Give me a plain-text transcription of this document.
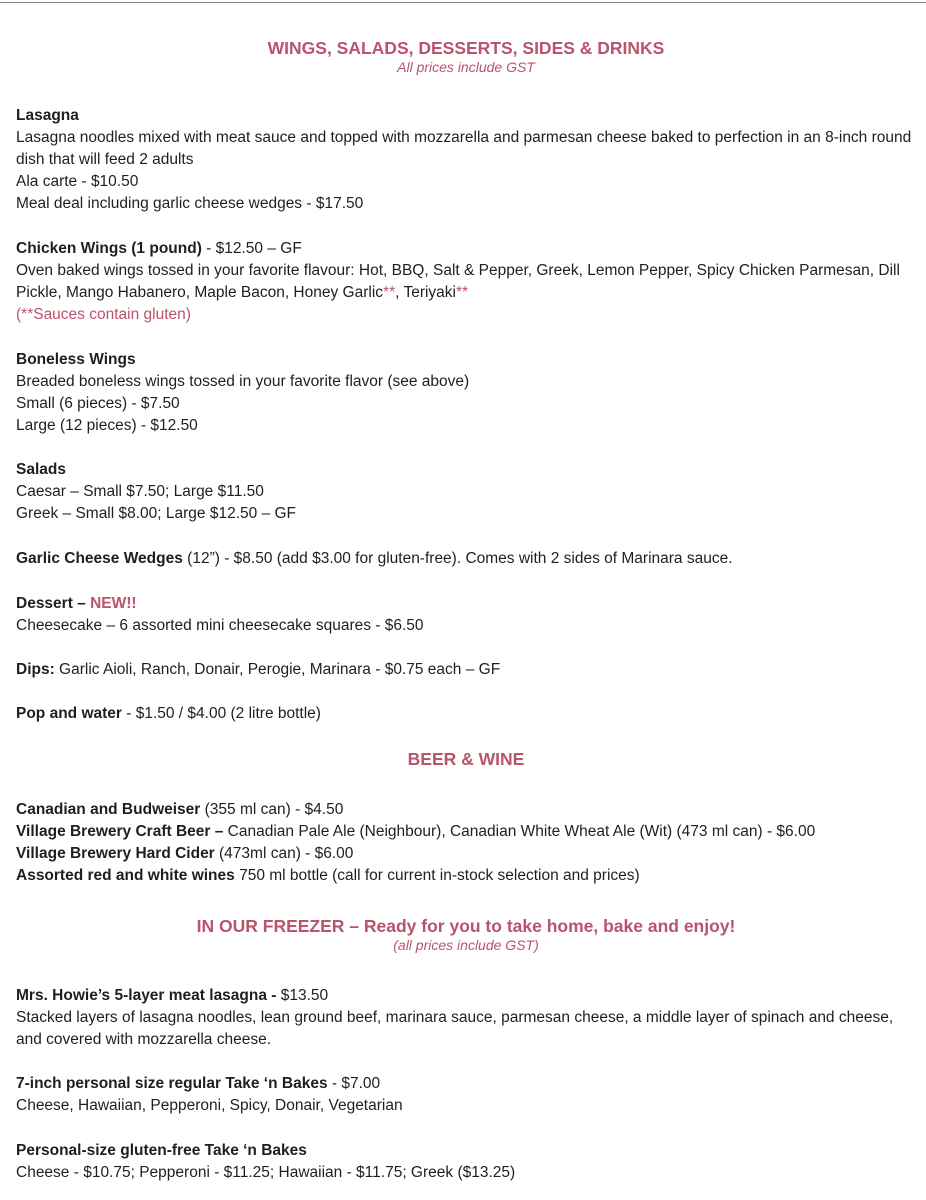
WINGS, SALADS, DESSERTS, SIDES & DRINKS

All prices include GST

Lasagna
Lasagna noodles mixed with meat sauce and topped with mozzarella and parmesan cheese baked to perfection in an 8-inch round dish that will feed 2 adults
Ala carte - $10.50
Meal deal including garlic cheese wedges - $17.50
Chicken Wings (1 pound) - $12.50 – GF
Oven baked wings tossed in your favorite flavour: Hot, BBQ, Salt & Pepper, Greek, Lemon Pepper, Spicy Chicken Parmesan, Dill Pickle, Mango Habanero, Maple Bacon, Honey Garlic**, Teriyaki**
(**Sauces contain gluten)
Boneless Wings
Breaded boneless wings tossed in your favorite flavor (see above)
Small (6 pieces) - $7.50
Large (12 pieces) - $12.50
Salads
Caesar – Small $7.50; Large $11.50
Greek – Small $8.00; Large $12.50 – GF
Garlic Cheese Wedges (12”) - $8.50 (add $3.00 for gluten-free). Comes with 2 sides of Marinara sauce.
Dessert – NEW!!
Cheesecake – 6 assorted mini cheesecake squares - $6.50
Dips: Garlic Aioli, Ranch, Donair, Perogie, Marinara - $0.75 each – GF
Pop and water - $1.50 / $4.00 (2 litre bottle)

BEER & WINE

Canadian and Budweiser (355 ml can) - $4.50
Village Brewery Craft Beer – Canadian Pale Ale (Neighbour), Canadian White Wheat Ale (Wit) (473 ml can) - $6.00
Village Brewery Hard Cider (473ml can) - $6.00
Assorted red and white wines 750 ml bottle (call for current in-stock selection and prices)

IN OUR FREEZER – Ready for you to take home, bake and enjoy!

(all prices include GST)

Mrs. Howie’s 5-layer meat lasagna - $13.50
Stacked layers of lasagna noodles, lean ground beef, marinara sauce, parmesan cheese, a middle layer of spinach and cheese, and covered with mozzarella cheese.
7-inch personal size regular Take ‘n Bakes - $7.00
Cheese, Hawaiian, Pepperoni, Spicy, Donair, Vegetarian
Personal-size gluten-free Take ‘n Bakes
Cheese - $10.75; Pepperoni - $11.25; Hawaiian - $11.75; Greek ($13.25)
